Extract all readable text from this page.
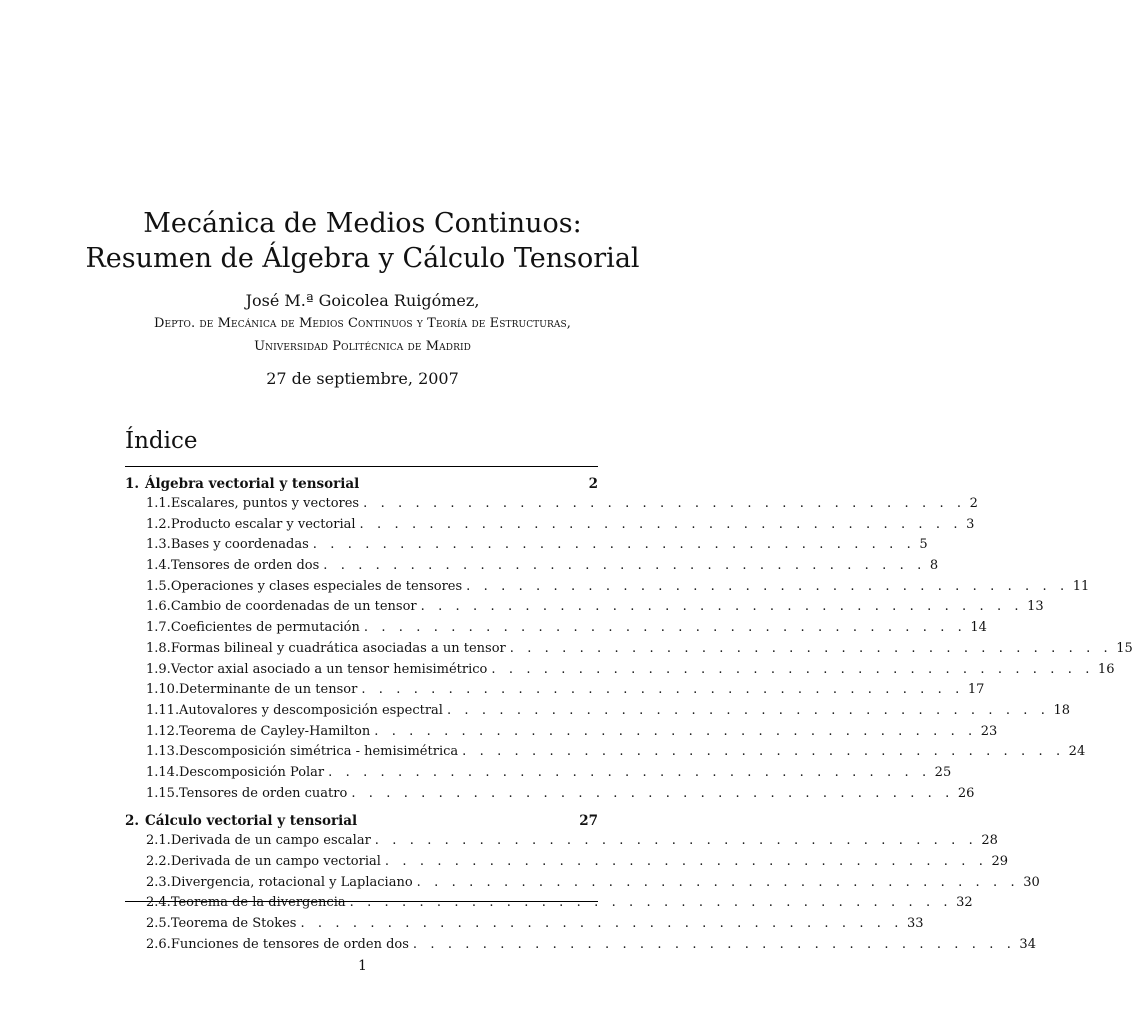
Mecánica de Medios Continuos:
Resumen de Álgebra y Cálculo Tensorial
José M.ª Goicolea Ruigómez,
Depto. de Mecánica de Medios Continuos y Teoría de Estructuras,
Universidad Politécnica de Madrid
27 de septiembre, 2007
Índice
1. Álgebra vectorial y tensorial	2
1.1. Escalares, puntos y vectores . . . . . . . . . . . . . . . . . . . . . . . . . . . . . . . . . . . 2
1.2. Producto escalar y vectorial . . . . . . . . . . . . . . . . . . . . . . . . . . . . . . . . . . . 3
1.3. Bases y coordenadas . . . . . . . . . . . . . . . . . . . . . . . . . . . . . . . . . . . 5
1.4. Tensores de orden dos . . . . . . . . . . . . . . . . . . . . . . . . . . . . . . . . . . . 8
1.5. Operaciones y clases especiales de tensores . . . . . . . . . . . . . . . . . . . . . . . . . . . . . . . . . . . 11
1.6. Cambio de coordenadas de un tensor . . . . . . . . . . . . . . . . . . . . . . . . . . . . . . . . . . . 13
1.7. Coeficientes de permutación . . . . . . . . . . . . . . . . . . . . . . . . . . . . . . . . . . . 14
1.8. Formas bilineal y cuadrática asociadas a un tensor . . . . . . . . . . . . . . . . . . . . . . . . . . . . . . . . . . . 15
1.9. Vector axial asociado a un tensor hemisimétrico . . . . . . . . . . . . . . . . . . . . . . . . . . . . . . . . . . . 16
1.10. Determinante de un tensor . . . . . . . . . . . . . . . . . . . . . . . . . . . . . . . . . . . 17
1.11. Autovalores y descomposición espectral . . . . . . . . . . . . . . . . . . . . . . . . . . . . . . . . . . . 18
1.12. Teorema de Cayley-Hamilton . . . . . . . . . . . . . . . . . . . . . . . . . . . . . . . . . . . 23
1.13. Descomposición simétrica - hemisimétrica . . . . . . . . . . . . . . . . . . . . . . . . . . . . . . . . . . . 24
1.14. Descomposición Polar . . . . . . . . . . . . . . . . . . . . . . . . . . . . . . . . . . . 25
1.15. Tensores de orden cuatro . . . . . . . . . . . . . . . . . . . . . . . . . . . . . . . . . . . 26
2. Cálculo vectorial y tensorial	27
2.1. Derivada de un campo escalar . . . . . . . . . . . . . . . . . . . . . . . . . . . . . . . . . . . 28
2.2. Derivada de un campo vectorial . . . . . . . . . . . . . . . . . . . . . . . . . . . . . . . . . . . 29
2.3. Divergencia, rotacional y Laplaciano . . . . . . . . . . . . . . . . . . . . . . . . . . . . . . . . . . . 30
2.4. Teorema de la divergencia . . . . . . . . . . . . . . . . . . . . . . . . . . . . . . . . . . . 32
2.5. Teorema de Stokes . . . . . . . . . . . . . . . . . . . . . . . . . . . . . . . . . . . 33
2.6. Funciones de tensores de orden dos . . . . . . . . . . . . . . . . . . . . . . . . . . . . . . . . . . . 34
1
